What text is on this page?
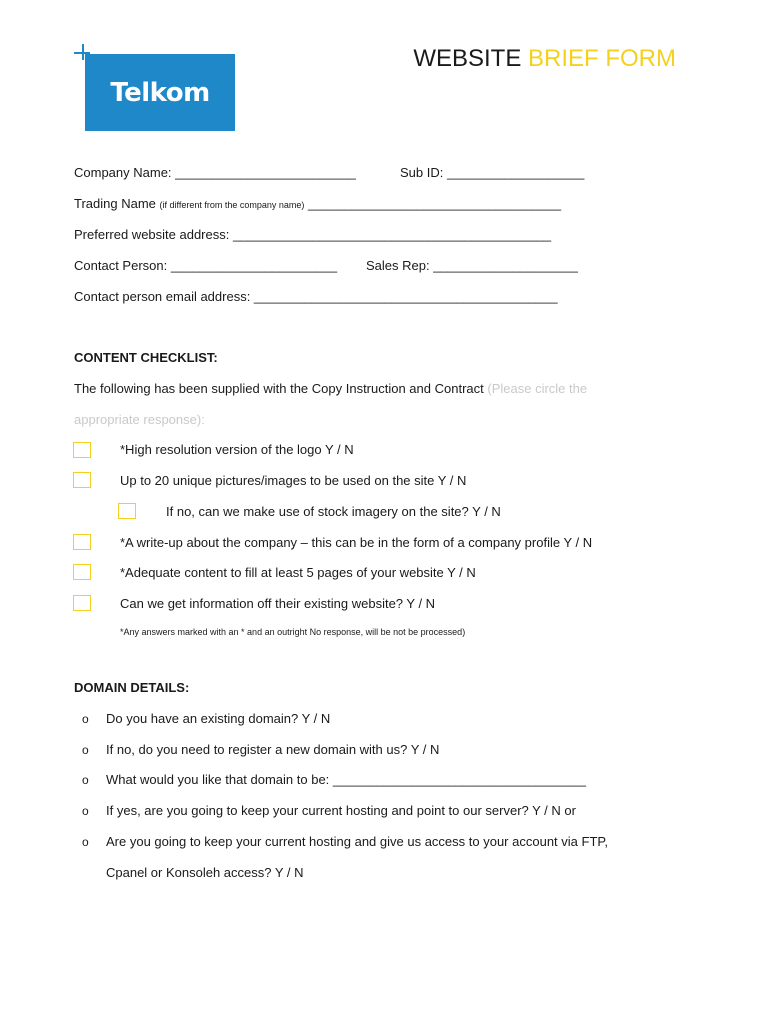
Telkom
WEBSITE BRIEF FORM
Company Name: _________________________	Sub ID: ___________________
Trading Name (if different from the company name) ___________________________________
Preferred website address: ____________________________________________
Contact Person: _______________________ Sales Rep: ____________________
Contact person email address: __________________________________________
CONTENT CHECKLIST:
The following has been supplied with the Copy Instruction and Contract (Please circle the
appropriate response):
*High resolution version of the logo Y / N
Up to 20 unique pictures/images to be used on the site Y / N
If no, can we make use of stock imagery on the site? Y / N
*A write-up about the company – this can be in the form of a company profile Y / N
*Adequate content to fill at least 5 pages of your website Y / N
Can we get information off their existing website? Y / N
*Any answers marked with an * and an outright No response, will be not be processed)
DOMAIN DETAILS:
o Do you have an existing domain? Y / N
o If no, do you need to register a new domain with us? Y / N
o What would you like that domain to be: ___________________________________
o If yes, are you going to keep your current hosting and point to our server? Y / N or
o Are you going to keep your current hosting and give us access to your account via FTP,
Cpanel or Konsoleh access? Y / N
